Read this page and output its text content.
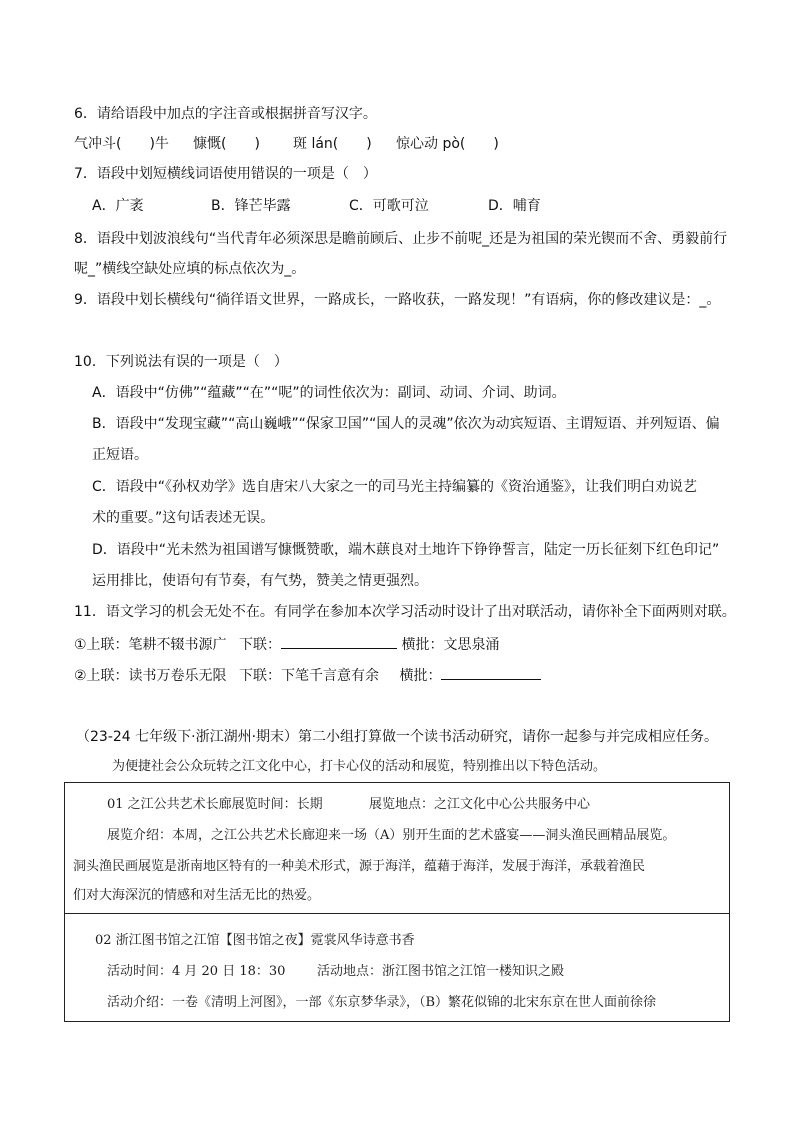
6．请给语段中加点的字注音或根据拼音写汉字。
气冲斗(　　)牛 慷慨(　　) 斑 lán(　　) 惊心动 pò(　　)
7．语段中划短横线词语使用错误的一项是（　）
A．广袤	B．锋芒毕露	C．可歌可泣	D．哺育
8．语段中划波浪线句“当代青年必须深思是瞻前顾后、止步不前呢_还是为祖国的荣光锲而不舍、勇毅前行
呢_”横线空缺处应填的标点依次为_。
9．语段中划长横线句“徜徉语文世界，一路成长，一路收获，一路发现！”有语病，你的修改建议是：_。
10．下列说法有误的一项是（　）
A．语段中“仿佛”“蕴藏”“在”“呢”的词性依次为：副词、动词、介词、助词。
B．语段中“发现宝藏”“高山巍峨”“保家卫国”“国人的灵魂”依次为动宾短语、主谓短语、并列短语、偏
正短语。
C．语段中“《孙权劝学》选自唐宋八大家之一的司马光主持编纂的《资治通鉴》，让我们明白劝说艺
术的重要。”这句话表述无误。
D．语段中“光未然为祖国谱写慷慨赞歌，端木蕻良对土地许下铮铮誓言，陆定一历长征刻下红色印记”
运用排比，使语句有节奏，有气势，赞美之情更强烈。
11．语文学习的机会无处不在。有同学在参加本次学习活动时设计了出对联活动，请你补全下面两则对联。
①上联：笔耕不辍书源广 下联：	横批：文思泉涌
②上联：读书万卷乐无限 下联：下笔千言意有余 横批：
（23-24 七年级下·浙江湖州·期末）第二小组打算做一个读书活动研究，请你一起参与并完成相应任务。
为便捷社会公众玩转之江文化中心，打卡心仪的活动和展览，特别推出以下特色活动。
01 之江公共艺术长廊展览时间：长期	展览地点：之江文化中心公共服务中心
展览介绍：本周，之江公共艺术长廊迎来一场（A）别开生面的艺术盛宴——洞头渔民画精品展览。
洞头渔民画展览是浙南地区特有的一种美术形式，源于海洋，蕴藉于海洋，发展于海洋，承载着渔民
们对大海深沉的情感和对生活无比的热爱。
02 浙江图书馆之江馆【图书馆之夜】霓裳风华诗意书香
活动时间：4 月 20 日 18：30 活动地点：浙江图书馆之江馆一楼知识之殿
活动介绍：一卷《清明上河图》，一部《东京梦华录》，（B）繁花似锦的北宋东京在世人面前徐徐
